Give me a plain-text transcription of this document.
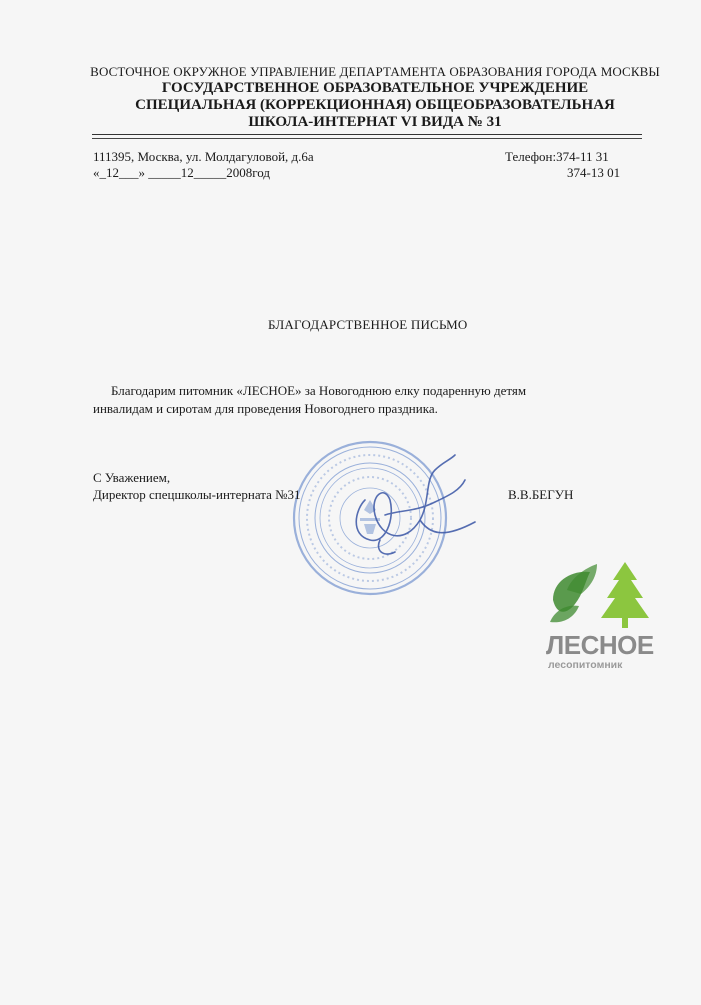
ВОСТОЧНОЕ ОКРУЖНОЕ УПРАВЛЕНИЕ ДЕПАРТАМЕНТА ОБРАЗОВАНИЯ ГОРОДА МОСКВЫ
ГОСУДАРСТВЕННОЕ ОБРАЗОВАТЕЛЬНОЕ УЧРЕЖДЕНИЕ
СПЕЦИАЛЬНАЯ (КОРРЕКЦИОННАЯ) ОБЩЕОБРАЗОВАТЕЛЬНАЯ
ШКОЛА-ИНТЕРНАТ VI ВИДА № 31
111395, Москва, ул. Молдагуловой, д.6а
«_12___» _____12_____2008год
Телефон:374-11 31
374-13 01
БЛАГОДАРСТВЕННОЕ ПИСЬМО
Благодарим питомник «ЛЕСНОЕ» за Новогоднюю елку подаренную детям
инвалидам и сиротам для проведения Новогоднего праздника.
С Уважением,
Директор спецшколы-интерната №31	В.В.БЕГУН
ЛЕСНОЕ
лесопитомник
